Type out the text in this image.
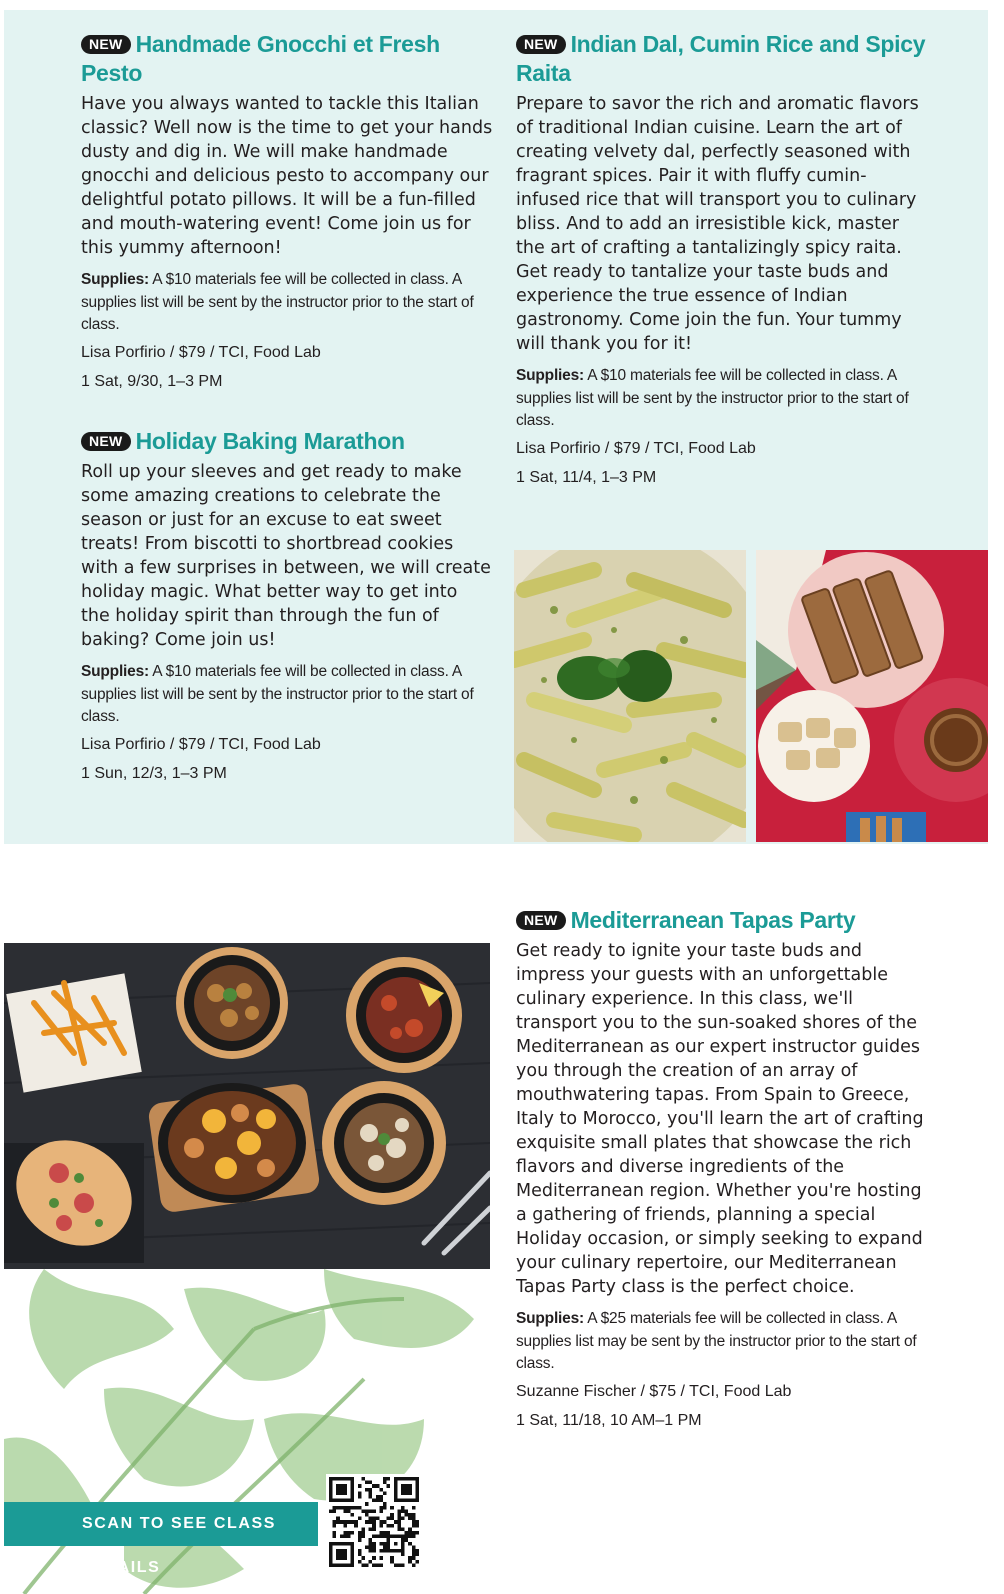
NEW Handmade Gnocchi et Fresh Pesto

Have you always wanted to tackle this Italian classic? Well now is the time to get your hands dusty and dig in. We will make handmade gnocchi and delicious pesto to accompany our delightful potato pillows. It will be a fun-filled and mouth-watering event! Come join us for this yummy afternoon!

Supplies: A $10 materials fee will be collected in class. A supplies list will be sent by the instructor prior to the start of class.

Lisa Porfirio / $79 / TCI, Food Lab

1 Sat, 9/30, 1–3 PM

NEW Holiday Baking Marathon

Roll up your sleeves and get ready to make some amazing creations to celebrate the season or just for an excuse to eat sweet treats! From biscotti to shortbread cookies with a few surprises in between, we will create holiday magic. What better way to get into the holiday spirit than through the fun of baking? Come join us!

Supplies: A $10 materials fee will be collected in class. A supplies list will be sent by the instructor prior to the start of class.

Lisa Porfirio / $79 / TCI, Food Lab

1 Sun, 12/3, 1–3 PM

NEW Indian Dal, Cumin Rice and Spicy Raita

Prepare to savor the rich and aromatic flavors of traditional Indian cuisine. Learn the art of creating velvety dal, perfectly seasoned with fragrant spices. Pair it with fluffy cumin-infused rice that will transport you to culinary bliss. And to add an irresistible kick, master the art of crafting a tantalizingly spicy raita. Get ready to tantalize your taste buds and experience the true essence of Indian gastronomy. Come join the fun. Your tummy will thank you for it!

Supplies: A $10 materials fee will be collected in class. A supplies list will be sent by the instructor prior to the start of class.

Lisa Porfirio / $79 / TCI, Food Lab

1 Sat, 11/4, 1–3 PM

SCAN TO SEE CLASS DETAILS
NEW Mediterranean Tapas Party

Get ready to ignite your taste buds and impress your guests with an unforgettable culinary experience. In this class, we'll transport you to the sun-soaked shores of the Mediterranean as our expert instructor guides you through the creation of an array of mouthwatering tapas. From Spain to Greece, Italy to Morocco, you'll learn the art of crafting exquisite small plates that showcase the rich flavors and diverse ingredients of the Mediterranean region. Whether you're hosting a gathering of friends, planning a special Holiday occasion, or simply seeking to expand your culinary repertoire, our Mediterranean Tapas Party class is the perfect choice.

Supplies: A $25 materials fee will be collected in class. A supplies list may be sent by the instructor prior to the start of class.

Suzanne Fischer / $75 / TCI, Food Lab

1 Sat, 11/18, 10 AM–1 PM
